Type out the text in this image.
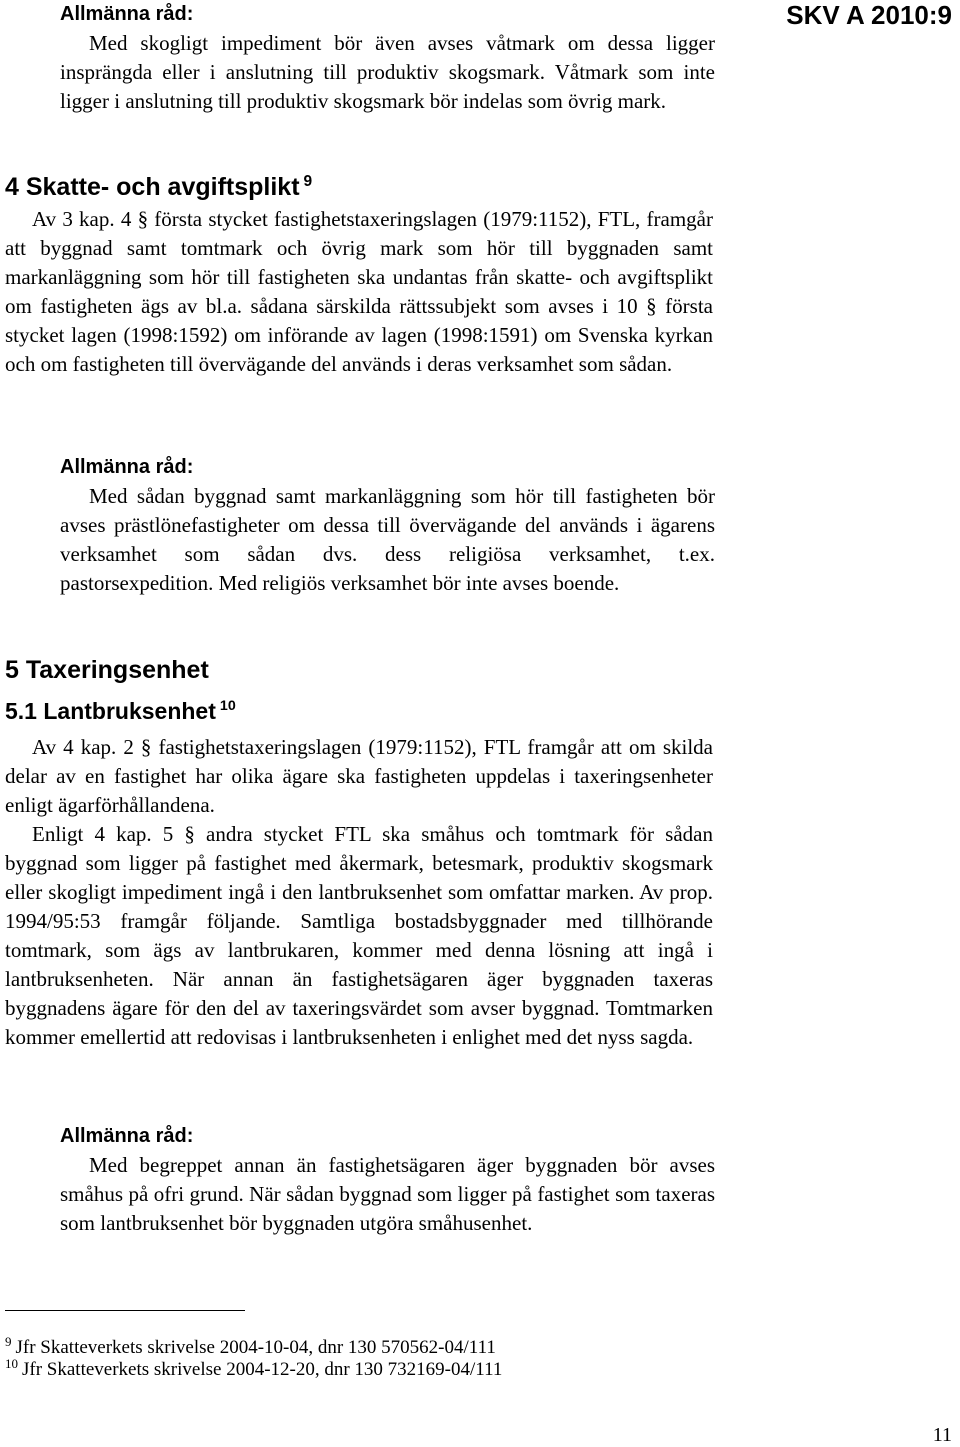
SKV A 2010:9
Allmänna råd:
Med skogligt impediment bör även avses våtmark om dessa ligger insprängda eller i anslutning till produktiv skogsmark. Våtmark som inte ligger i anslutning till produktiv skogsmark bör indelas som övrig mark.
4 Skatte- och avgiftsplikt $^9$

Av 3 kap. 4 § första stycket fastighetstaxeringslagen (1979:1152), FTL, framgår att byggnad samt tomtmark och övrig mark som hör till byggnaden samt markanläggning som hör till fastigheten ska undantas från skatte- och avgiftsplikt om fastigheten ägs av bl.a. sådana särskilda rättssubjekt som avses i 10 § första stycket lagen (1998:1592) om införande av lagen (1998:1591) om Svenska kyrkan och om fastigheten till övervägande del används i deras verksamhet som sådan.

Allmänna råd:
Med sådan byggnad samt markanläggning som hör till fastigheten bör avses prästlönefastigheter om dessa till övervägande del används i ägarens verksamhet som sådan dvs. dess religiösa verksamhet, t.ex. pastorsexpedition. Med religiös verksamhet bör inte avses boende.
5 Taxeringsenhet
5.1 Lantbruksenhet $^{10}$

Av 4 kap. 2 § fastighetstaxeringslagen (1979:1152), FTL framgår att om skilda delar av en fastighet har olika ägare ska fastigheten uppdelas i taxeringsenheter enligt ägarförhållandena.

Enligt 4 kap. 5 § andra stycket FTL ska småhus och tomtmark för sådan byggnad som ligger på fastighet med åkermark, betesmark, produktiv skogsmark eller skogligt impediment ingå i den lantbruksenhet som omfattar marken. Av prop. 1994/95:53 framgår följande. Samtliga bostadsbyggnader med tillhörande tomtmark, som ägs av lantbrukaren, kommer med denna lösning att ingå i lantbruksenheten. När annan än fastighetsägaren äger byggnaden taxeras byggnadens ägare för den del av taxeringsvärdet som avser byggnad. Tomtmarken kommer emellertid att redovisas i lantbruksenheten i enlighet med det nyss sagda.

Allmänna råd:
Med begreppet annan än fastighetsägaren äger byggnaden bör avses småhus på ofri grund. När sådan byggnad som ligger på fastighet som taxeras som lantbruksenhet bör byggnaden utgöra småhusenhet.
$^9$ Jfr Skatteverkets skrivelse 2004-10-04, dnr 130 570562-04/111
$^{10}$ Jfr Skatteverkets skrivelse 2004-12-20, dnr 130 732169-04/111
11
